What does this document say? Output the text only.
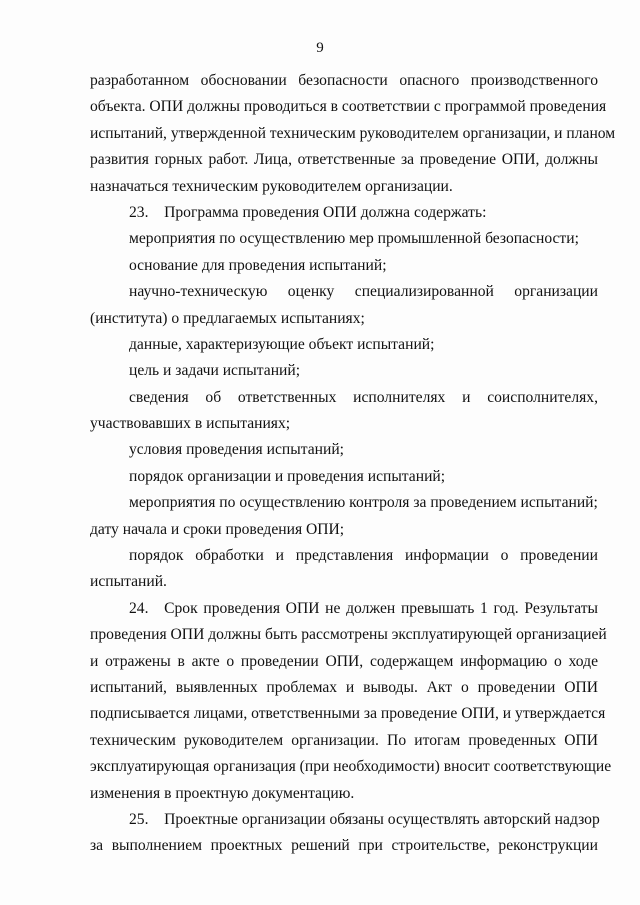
9
разработанном обосновании безопасности опасного производственного
объекта. ОПИ должны проводиться в соответствии с программой проведения
испытаний, утвержденной техническим руководителем организации, и планом
развития горных работ. Лица, ответственные за проведение ОПИ, должны
назначаться техническим руководителем организации.
23. Программа проведения ОПИ должна содержать:
мероприятия по осуществлению мер промышленной безопасности;
основание для проведения испытаний;
научно-техническую оценку специализированной организации
(института) о предлагаемых испытаниях;
данные, характеризующие объект испытаний;
цель и задачи испытаний;
сведения об ответственных исполнителях и соисполнителях,
участвовавших в испытаниях;
условия проведения испытаний;
порядок организации и проведения испытаний;
мероприятия по осуществлению контроля за проведением испытаний;
дату начала и сроки проведения ОПИ;
порядок обработки и представления информации о проведении
испытаний.
24. Срок проведения ОПИ не должен превышать 1 год. Результаты
проведения ОПИ должны быть рассмотрены эксплуатирующей организацией
и отражены в акте о проведении ОПИ, содержащем информацию о ходе
испытаний, выявленных проблемах и выводы. Акт о проведении ОПИ
подписывается лицами, ответственными за проведение ОПИ, и утверждается
техническим руководителем организации. По итогам проведенных ОПИ
эксплуатирующая организация (при необходимости) вносит соответствующие
изменения в проектную документацию.
25. Проектные организации обязаны осуществлять авторский надзор
за выполнением проектных решений при строительстве, реконструкции
